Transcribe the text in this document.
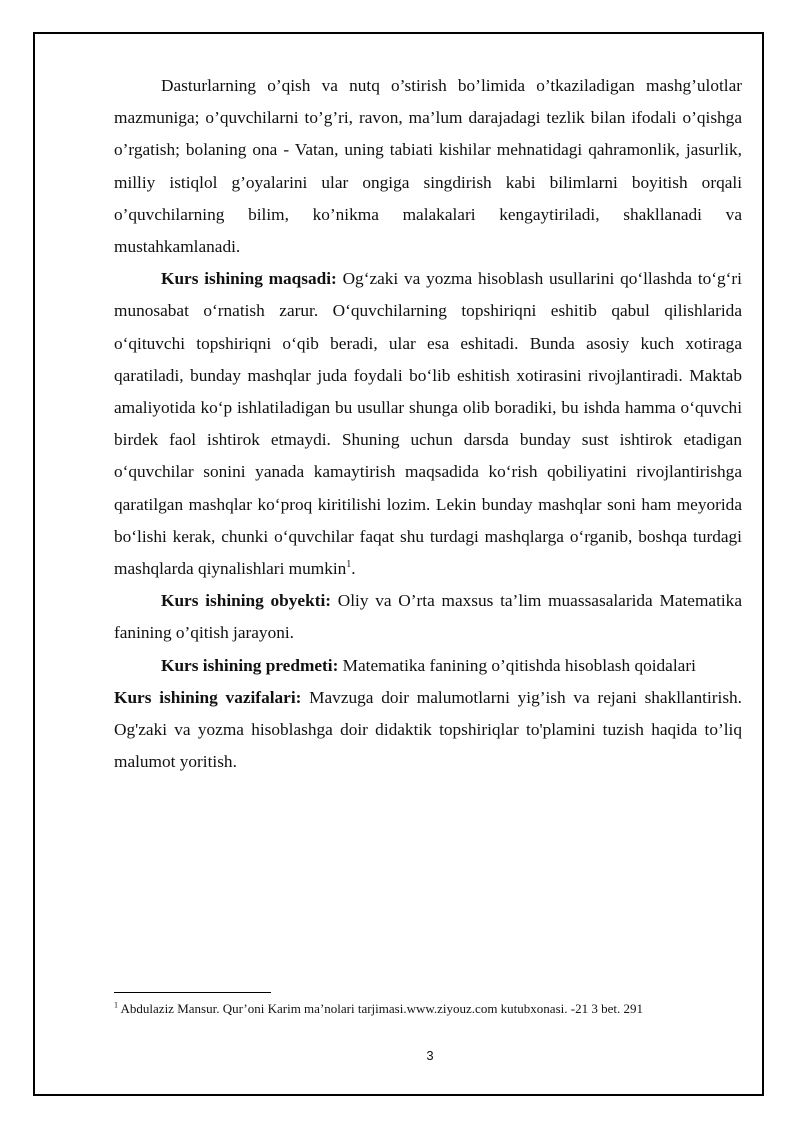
Dasturlarning o’qish va nutq o’stirish bo’limida o’tkaziladigan mashg’ulotlar mazmuniga; o’quvchilarni to’g’ri, ravon, ma’lum darajadagi tezlik bilan ifodali o’qishga o’rgatish; bolaning ona - Vatan, uning tabiati kishilar mehnatidagi qahramonlik, jasurlik, milliy istiqlol g’oyalarini ular ongiga singdirish kabi bilimlarni boyitish orqali o’quvchilarning bilim, ko’nikma malakalari kengaytiriladi, shakllanadi va mustahkamlanadi.

Kurs ishining maqsadi: Og‘zaki va yozma hisoblash usullarini qo‘llashda to‘g‘ri munosabat o‘rnatish zarur. O‘quvchilarning topshiriqni eshitib qabul qilishlarida o‘qituvchi topshiriqni o‘qib beradi, ular esa eshitadi. Bunda asosiy kuch xotiraga qaratiladi, bunday mashqlar juda foydali bo‘lib eshitish xotirasini rivojlantiradi. Maktab amaliyotida ko‘p ishlatiladigan bu usullar shunga olib boradiki, bu ishda hamma o‘quvchi birdek faol ishtirok etmaydi. Shuning uchun darsda bunday sust ishtirok etadigan o‘quvchilar sonini yanada kamaytirish maqsadida ko‘rish qobiliyatini rivojlantirishga qaratilgan mashqlar ko‘proq kiritilishi lozim. Lekin bunday mashqlar soni ham meyorida bo‘lishi kerak, chunki o‘quvchilar faqat shu turdagi mashqlarga o‘rganib, boshqa turdagi mashqlarda qiynalishlari mumkin$^1$.

Kurs ishining obyekti: Oliy va O’rta maxsus ta’lim muassasalarida Matematika fanining o’qitish jarayoni.

Kurs ishining predmeti: Matematika fanining o’qitishda hisoblash qoidalari

Kurs ishining vazifalari: Mavzuga doir malumotlarni yig’ish va rejani shakllantirish. Og'zaki va yozma hisoblashga doir didaktik topshiriqlar to'plamini tuzish haqida to’liq malumot yoritish.

$^1$ Abdulaziz Mansur. Qur’oni Karim ma’nolari tarjimasi.www.ziyouz.com kutubxonasi. -21 3 bet. 291
3
